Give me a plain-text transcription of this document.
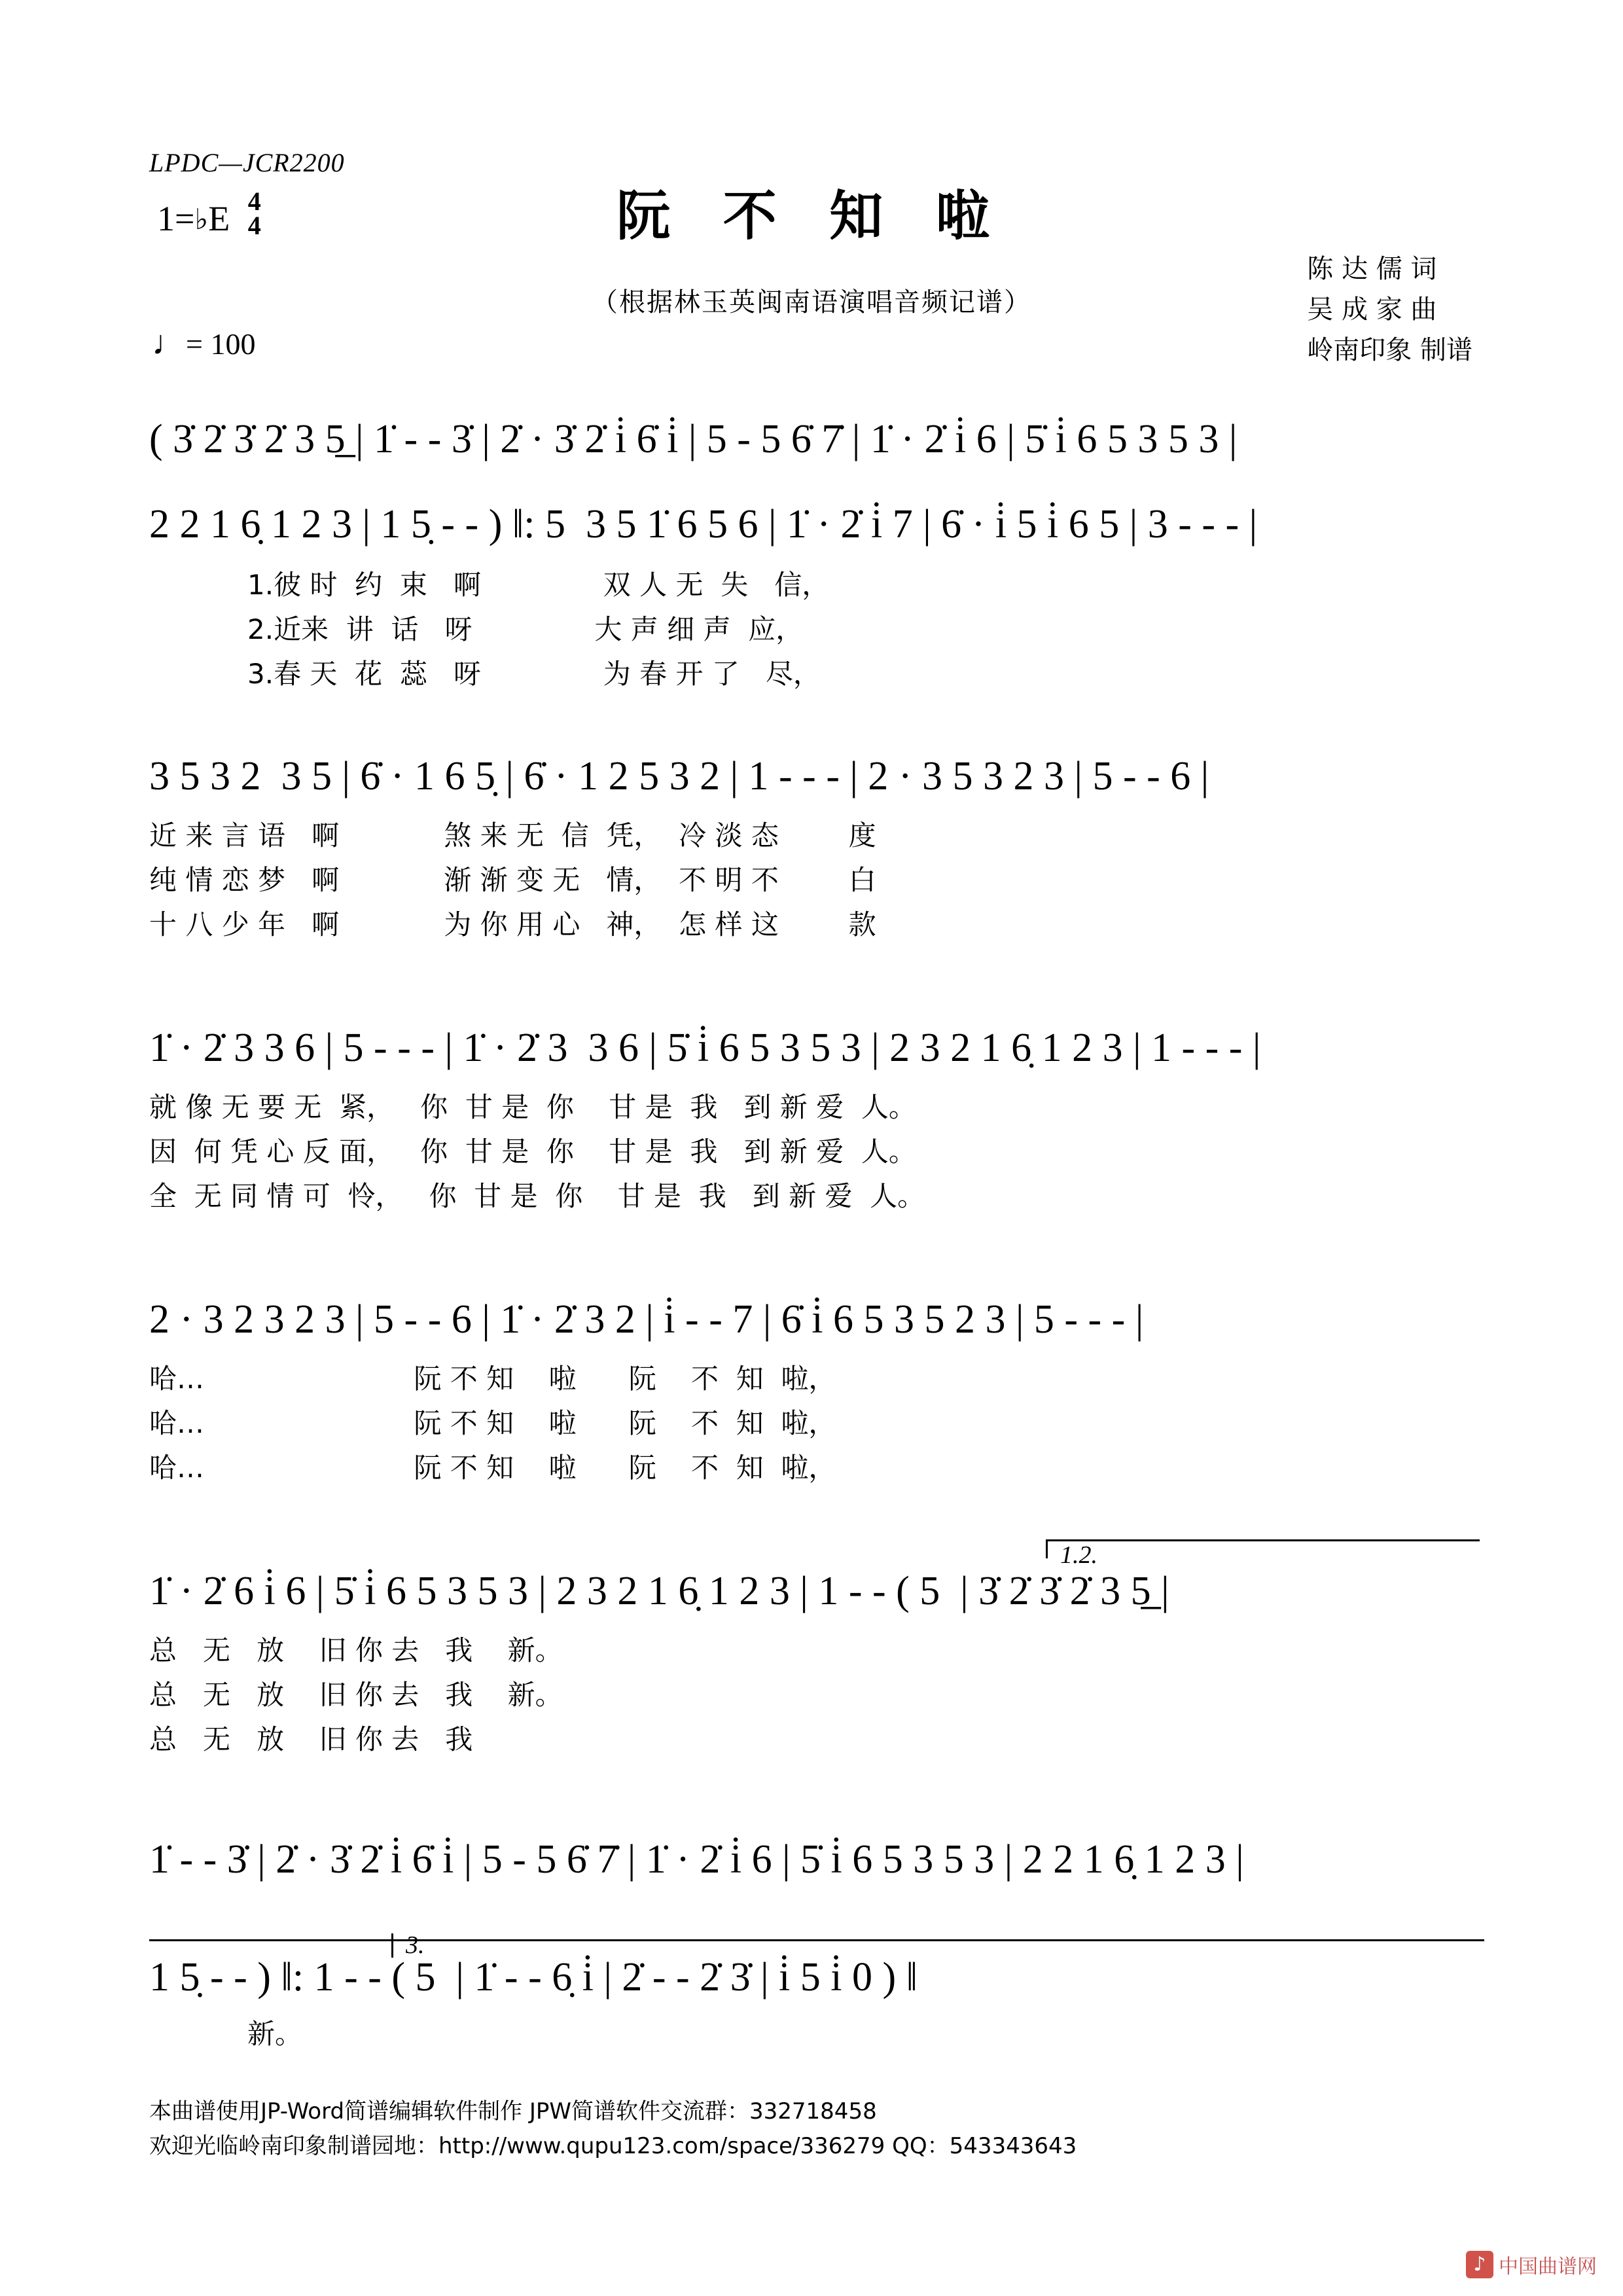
LPDC—JCR2200
1=♭E 4
4
♩= 100
阮 不 知 啦
（根据林玉英闽南语演唱音频记谱）
陈 达 儒 词
吴 成 家 曲
岭南印象 制谱
( 3̇ 2̇ 3̇ 2̇ 3 5̲ | 1̇ - - 3̇ | 2̇ · 3̇ 2̇ i̇ 6̇ i̇ | 5 - 5 6̇ 7̇ | 1̇ · 2̇ i̇ 6 | 5̇ i̇ 6 5 3 5 3 |
2 2 1 6̣ 1 2 3 | 1 5̣ - - ) ‖: 5  3 5 1̇ 6 5 6 | 1̇ · 2̇ i̇ 7 | 6̇ · i̇ 5 i̇ 6 5 | 3 - - - |
1.彼 时  约  束   啊              双 人 无  失   信，
2.近来  讲  话   呀              大 声 细 声  应，
3.春 天  花  蕊   呀              为 春 开 了   尽，
3 5 3 2  3 5 | 6̇ · 1 6 5̣ | 6̇ · 1 2 5 3 2 | 1 - - - | 2 · 3 5 3 2 3 | 5 - - 6 |
近 来 言 语   啊            煞 来 无  信  凭，  冷 淡 态        度
纯 情 恋 梦   啊            渐 渐 变 无   情，  不 明 不        白
十 八 少 年   啊            为 你 用 心   神，  怎 样 这        款
1̇ · 2̇ 3 3 6 | 5 - - - | 1̇ · 2̇ 3  3 6 | 5̇ i̇ 6 5 3 5 3 | 2 3 2 1 6̣ 1 2 3 | 1 - - - |
就 像 无 要 无  紧，   你  甘 是  你    甘 是  我   到 新 爱  人。
因  何 凭 心 反 面，   你  甘 是  你    甘 是  我   到 新 爱  人。
全  无 同 情 可  怜，   你  甘 是  你    甘 是  我   到 新 爱  人。
2 · 3 2 3 2 3 | 5 - - 6 | 1̇ · 2̇ 3 2 | i̇ - - 7 | 6̇ i̇ 6 5 3 5 2 3 | 5 - - - |
哈…                        阮 不 知    啦      阮    不  知  啦，
哈…                        阮 不 知    啦      阮    不  知  啦，
哈…                        阮 不 知    啦      阮    不  知  啦，
1.2.
1̇ · 2̇ 6 i̇ 6 | 5̇ i̇ 6 5 3 5 3 | 2 3 2 1 6̣ 1 2 3 | 1 - - ( 5  | 3̇ 2̇ 3̇ 2̇ 3 5̲ |
总   无   放    旧 你 去   我    新。
总   无   放    旧 你 去   我    新。
总   无   放    旧 你 去   我
1̇ - - 3̇ | 2̇ · 3̇ 2̇ i̇ 6̇ i̇ | 5 - 5 6̇ 7̇ | 1̇ · 2̇ i̇ 6 | 5̇ i̇ 6 5 3 5 3 | 2 2 1 6̣ 1 2 3 |
3.
1 5̣ - - ) ‖: 1 - - ( 5  | 1̇ - - 6̣ i̇ | 2̇ - - 2̇ 3̇ | i̇ 5 i̇ 0 ) ‖
新。
本曲谱使用JP-Word简谱编辑软件制作 JPW简谱软件交流群：332718458
欢迎光临岭南印象制谱园地：http://www.qupu123.com/space/336279 QQ：543343643
♪ 中国曲谱网
